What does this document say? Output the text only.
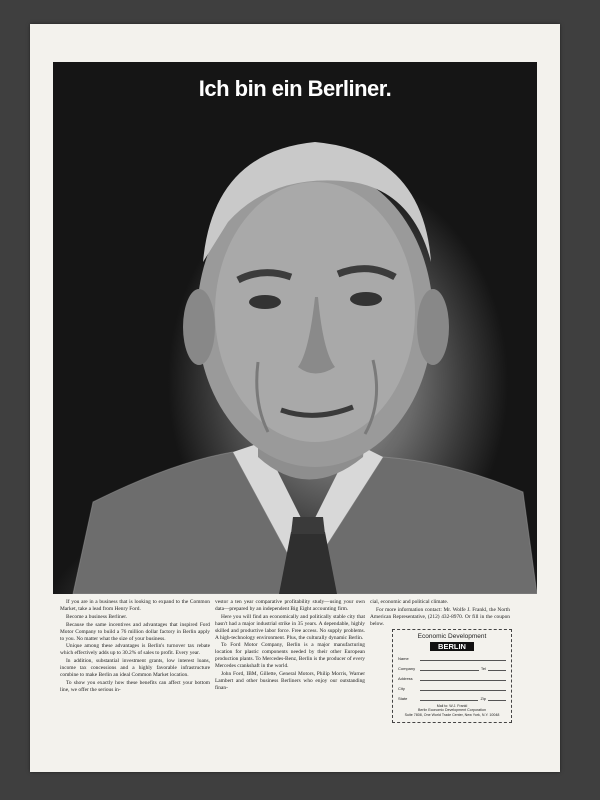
Ich bin ein Berliner.

If you are in a business that is looking to expand to the Common Market, take a lead from Henry Ford.

Become a business Berliner.

Because the same incentives and advantages that inspired Ford Motor Company to build a 76 million dollar factory in Berlin apply to you. No matter what the size of your business.

Unique among these advantages is Berlin's turnover tax rebate which effectively adds up to 30.2% of sales to profit. Every year.

In addition, substantial investment grants, low interest loans, income tax concessions and a highly favorable infrastructure combine to make Berlin an ideal Common Market location.

To show you exactly how these benefits can affect your bottom line, we offer the serious in-

vestor a ten year comparative profitability study—using your own data—prepared by an independent Big Eight accounting firm.

Here you will find an economically and politically stable city that hasn't had a major industrial strike in 35 years. A dependable, highly skilled and productive labor force. Free access. No supply problems. A high-technology environment. Plus, the culturally dynamic Berlin.

To Ford Motor Company, Berlin is a major manufacturing location for plastic components needed by their other European production plants. To Mercedes-Benz, Berlin is the producer of every Mercedes crankshaft in the world.

John Ford, IBM, Gillette, General Motors, Philip Morris, Warner Lambert and other business Berliners who enjoy our outstanding finan-

cial, economic and political climate.

For more information contact: Mr. Wolfe J. Frankl, the North American Representative, (212) 432-8970. Or fill in the coupon below.

Economic Development
BERLIN
Name
Company	Tel
Address
City
State	Zip
Mail to: W.J. Frankl
Berlin Economic Development Corporation
Suite 7808, One World Trade Center, New York, N.Y. 10048
